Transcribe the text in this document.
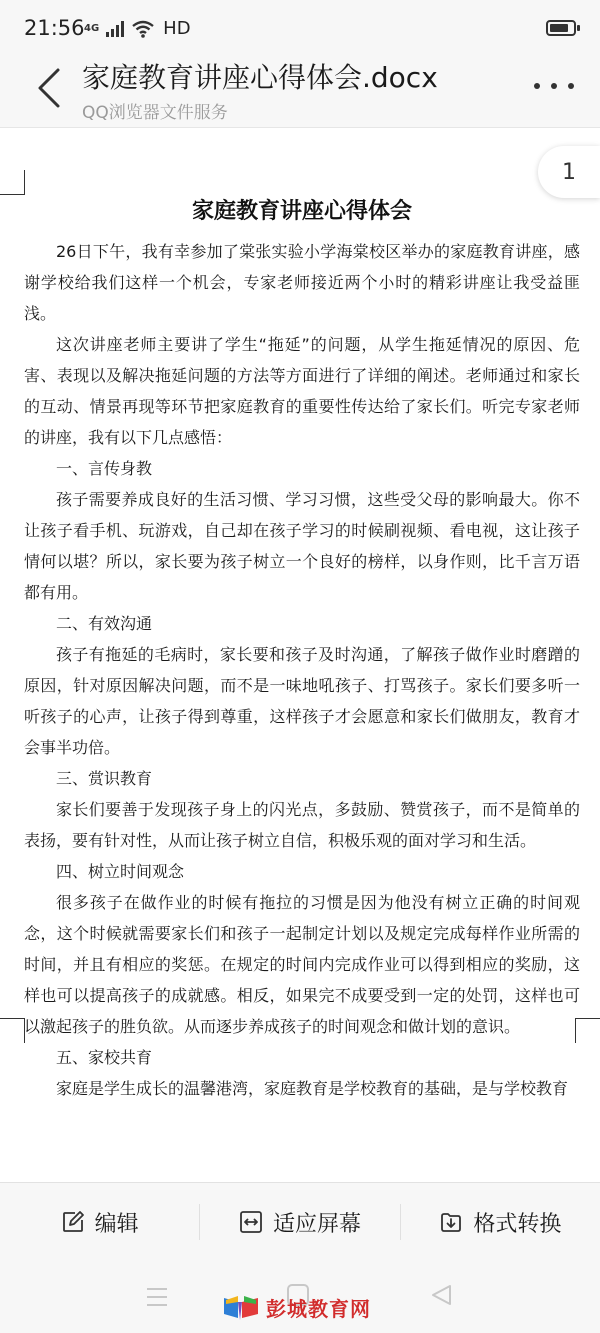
21:56 4G	HD
家庭教育讲座心得体会.docx
QQ浏览器文件服务
1
家庭教育讲座心得体会

26日下午，我有幸参加了棠张实验小学海棠校区举办的家庭教育讲座，感谢学校给我们这样一个机会，专家老师接近两个小时的精彩讲座让我受益匪浅。

这次讲座老师主要讲了学生“拖延”的问题，从学生拖延情况的原因、危害、表现以及解决拖延问题的方法等方面进行了详细的阐述。老师通过和家长的互动、情景再现等环节把家庭教育的重要性传达给了家长们。听完专家老师的讲座，我有以下几点感悟：

一、言传身教

孩子需要养成良好的生活习惯、学习习惯，这些受父母的影响最大。你不让孩子看手机、玩游戏，自己却在孩子学习的时候刷视频、看电视，这让孩子情何以堪？所以，家长要为孩子树立一个良好的榜样，以身作则，比千言万语都有用。

二、有效沟通

孩子有拖延的毛病时，家长要和孩子及时沟通，了解孩子做作业时磨蹭的原因，针对原因解决问题，而不是一味地吼孩子、打骂孩子。家长们要多听一听孩子的心声，让孩子得到尊重，这样孩子才会愿意和家长们做朋友，教育才会事半功倍。

三、赏识教育

家长们要善于发现孩子身上的闪光点，多鼓励、赞赏孩子，而不是简单的表扬，要有针对性，从而让孩子树立自信，积极乐观的面对学习和生活。

四、树立时间观念

很多孩子在做作业的时候有拖拉的习惯是因为他没有树立正确的时间观念，这个时候就需要家长们和孩子一起制定计划以及规定完成每样作业所需的时间，并且有相应的奖惩。在规定的时间内完成作业可以得到相应的奖励，这样也可以提高孩子的成就感。相反，如果完不成要受到一定的处罚，这样也可以激起孩子的胜负欲。从而逐步养成孩子的时间观念和做计划的意识。

五、家校共育

家庭是学生成长的温馨港湾，家庭教育是学校教育的基础，是与学校教育

编辑	适应屏幕	格式转换
彭城教育网
